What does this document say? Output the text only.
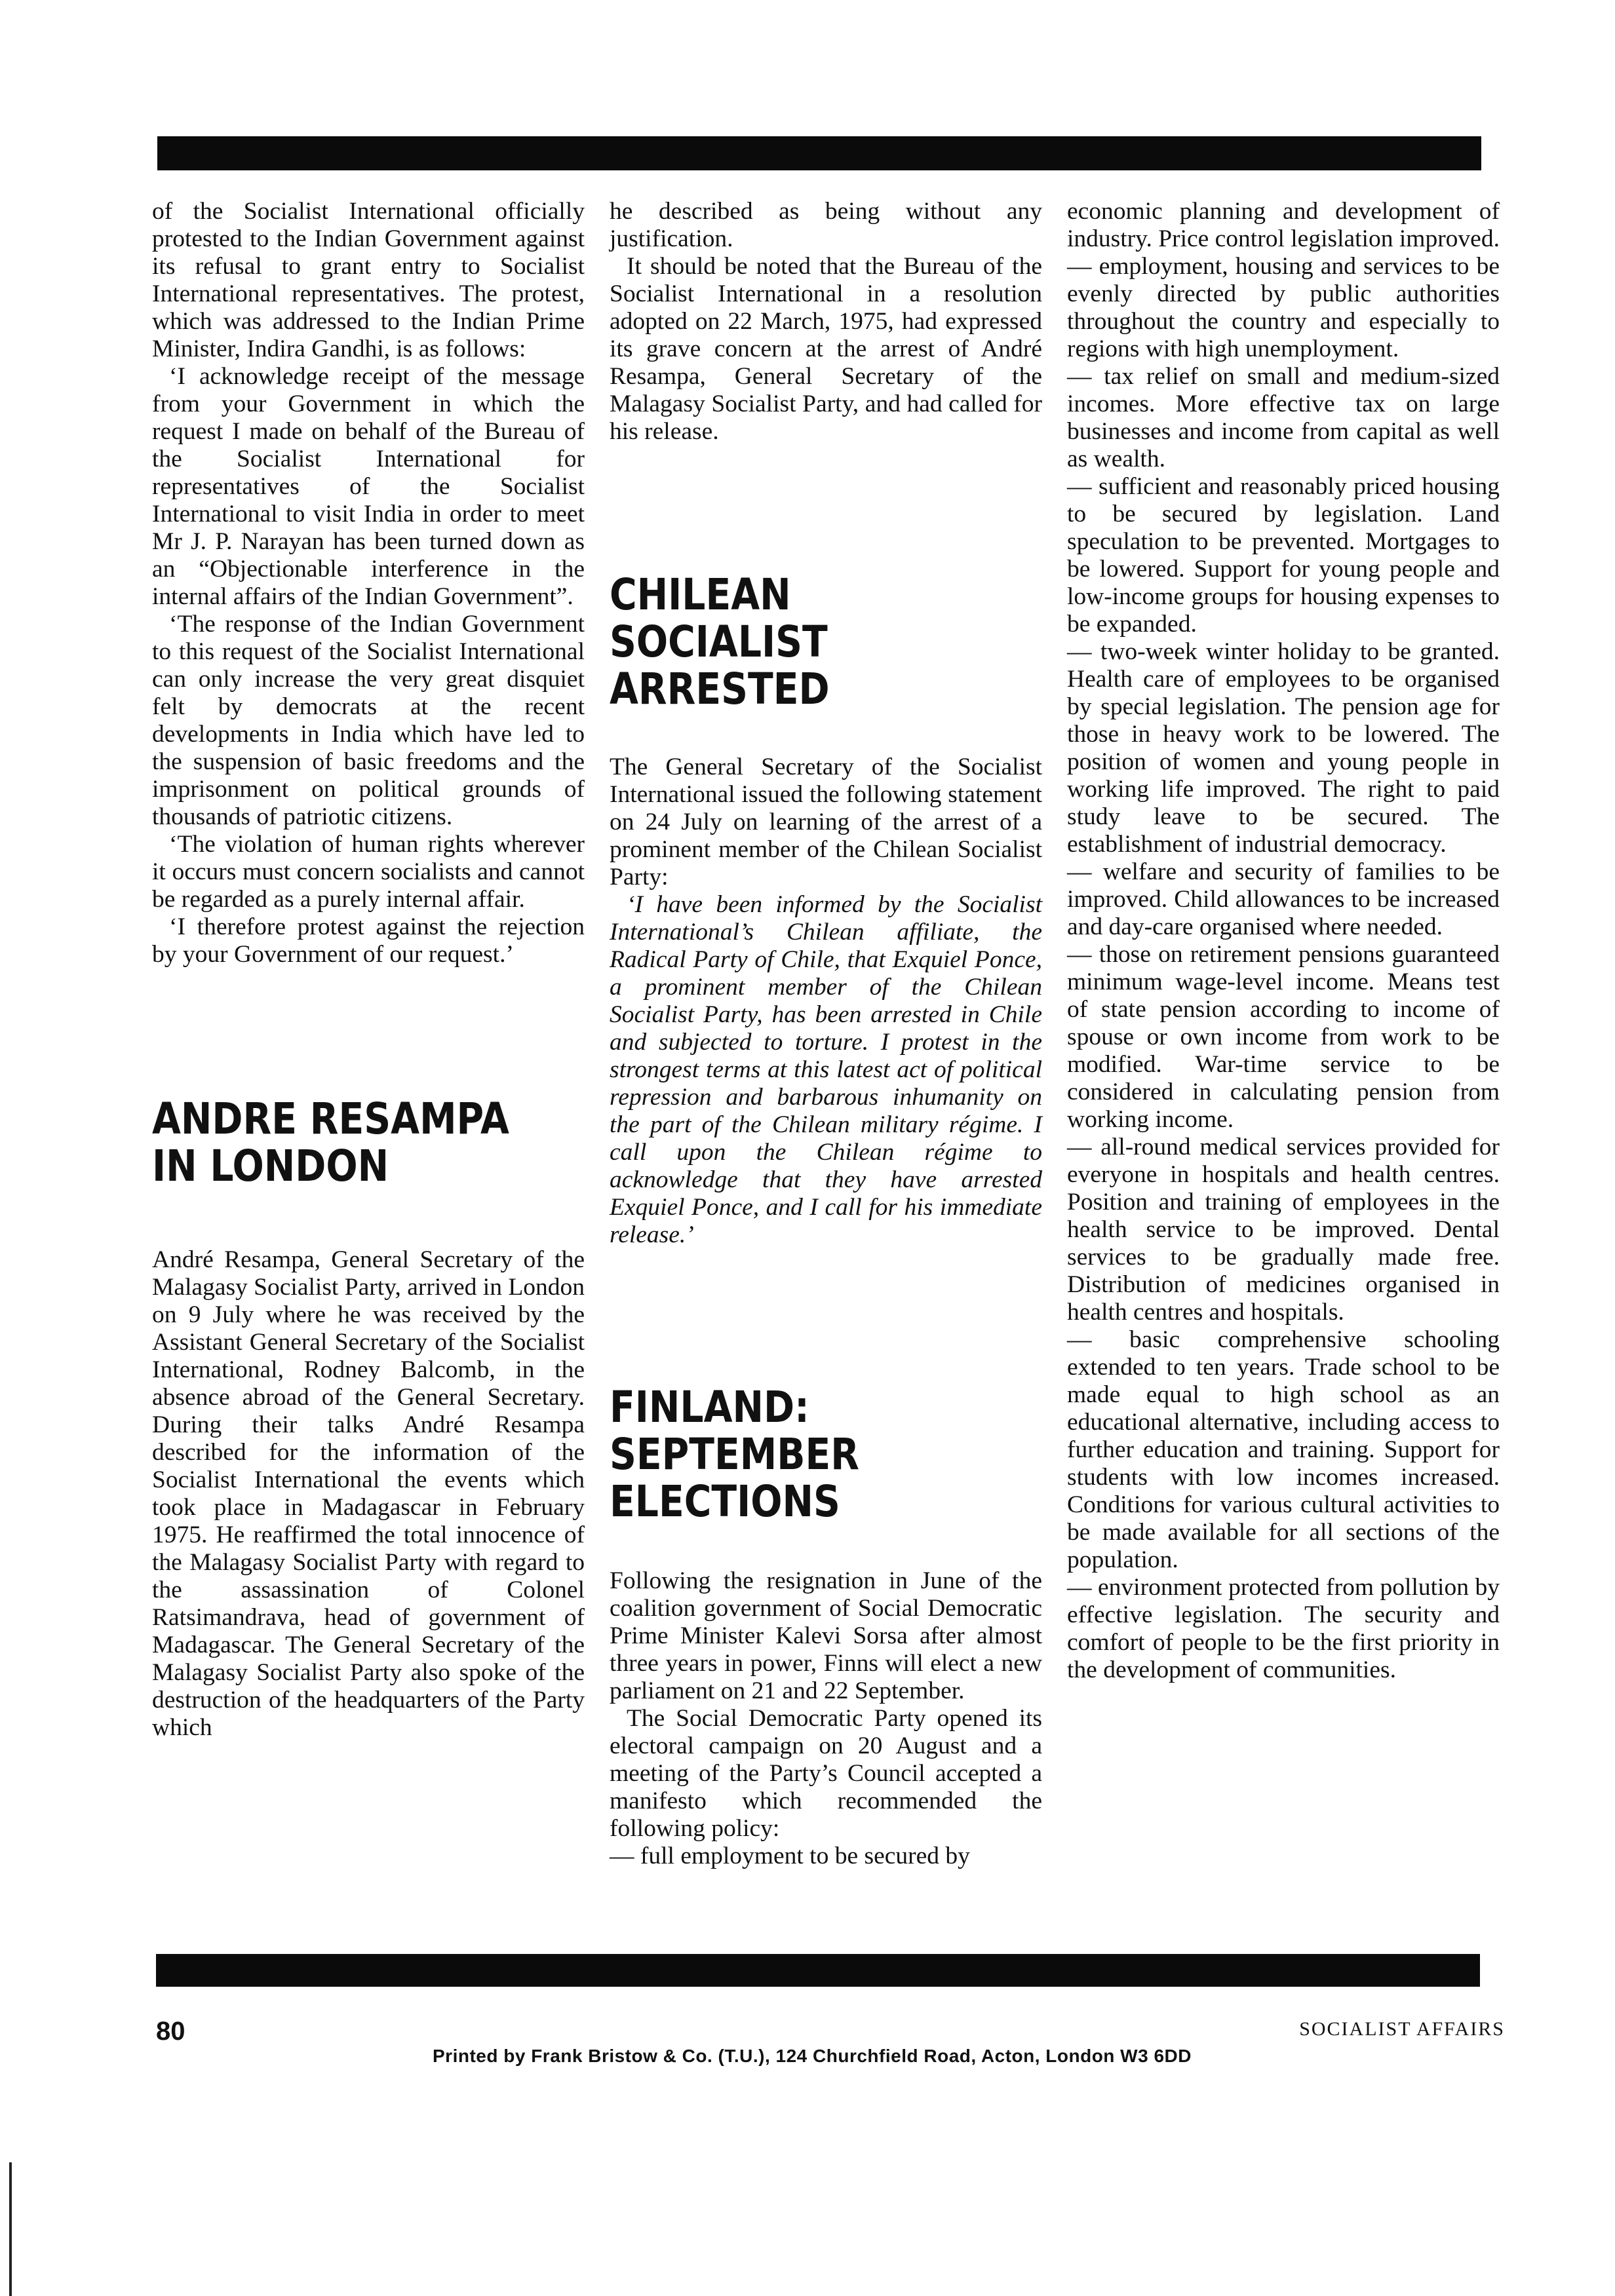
of the Socialist International officially protested to the Indian Government against its refusal to grant entry to Socialist International representatives. The protest, which was addressed to the Indian Prime Minister, Indira Gandhi, is as follows:

‘I acknowledge receipt of the message from your Government in which the request I made on behalf of the Bureau of the Socialist International for representatives of the Socialist International to visit India in order to meet Mr J. P. Narayan has been turned down as an “Objectionable interference in the internal affairs of the Indian Government”.

‘The response of the Indian Government to this request of the Socialist International can only increase the very great disquiet felt by democrats at the recent developments in India which have led to the suspension of basic freedoms and the imprisonment on political grounds of thousands of patriotic citizens.

‘The violation of human rights wherever it occurs must concern socialists and cannot be regarded as a purely internal affair.

‘I therefore protest against the rejection by your Government of our request.’

ANDRE RESAMPA
IN LONDON

André Resampa, General Secretary of the Malagasy Socialist Party, arrived in London on 9 July where he was received by the Assistant General Secretary of the Socialist International, Rodney Balcomb, in the absence abroad of the General Secretary. During their talks André Resampa described for the information of the Socialist International the events which took place in Madagascar in February 1975. He reaffirmed the total innocence of the Malagasy Socialist Party with regard to the assassination of Colonel Ratsimandrava, head of government of Madagascar. The General Secretary of the Malagasy Socialist Party also spoke of the destruction of the headquarters of the Party which

he described as being without any justification.

It should be noted that the Bureau of the Socialist International in a resolution adopted on 22 March, 1975, had expressed its grave concern at the arrest of André Resampa, General Secretary of the Malagasy Socialist Party, and had called for his release.

CHILEAN
SOCIALIST
ARRESTED

The General Secretary of the Socialist International issued the following statement on 24 July on learning of the arrest of a prominent member of the Chilean Socialist Party:

‘I have been informed by the Socialist International’s Chilean affiliate, the Radical Party of Chile, that Exquiel Ponce, a prominent member of the Chilean Socialist Party, has been arrested in Chile and subjected to torture. I protest in the strongest terms at this latest act of political repression and barbarous inhumanity on the part of the Chilean military régime. I call upon the Chilean régime to acknowledge that they have arrested Exquiel Ponce, and I call for his immediate release.’

FINLAND:
SEPTEMBER
ELECTIONS

Following the resignation in June of the coalition government of Social Democratic Prime Minister Kalevi Sorsa after almost three years in power, Finns will elect a new parliament on 21 and 22 September.

The Social Democratic Party opened its electoral campaign on 20 August and a meeting of the Party’s Council accepted a manifesto which recommended the following policy:

— full employment to be secured by

economic planning and development of industry. Price control legislation improved.

— employment, housing and services to be evenly directed by public authorities throughout the country and especially to regions with high unemployment.

— tax relief on small and medium-sized incomes. More effective tax on large businesses and income from capital as well as wealth.

— sufficient and reasonably priced housing to be secured by legislation. Land speculation to be prevented. Mortgages to be lowered. Support for young people and low-income groups for housing expenses to be expanded.

— two-week winter holiday to be granted. Health care of employees to be organised by special legislation. The pension age for those in heavy work to be lowered. The position of women and young people in working life improved. The right to paid study leave to be secured. The establishment of industrial democracy.

— welfare and security of families to be improved. Child allowances to be increased and day-care organised where needed.

— those on retirement pensions guaranteed minimum wage-level income. Means test of state pension according to income of spouse or own income from work to be modified. War-time service to be considered in calculating pension from working income.

— all-round medical services provided for everyone in hospitals and health centres. Position and training of employees in the health service to be improved. Dental services to be gradually made free. Distribution of medicines organised in health centres and hospitals.

— basic comprehensive schooling extended to ten years. Trade school to be made equal to high school as an educational alternative, including access to further education and training. Support for students with low incomes increased. Conditions for various cultural activities to be made available for all sections of the population.

— environment protected from pollution by effective legislation. The security and comfort of people to be the first priority in the development of communities.

80	SOCIALIST AFFAIRS
Printed by Frank Bristow & Co. (T.U.), 124 Churchfield Road, Acton, London W3 6DD
